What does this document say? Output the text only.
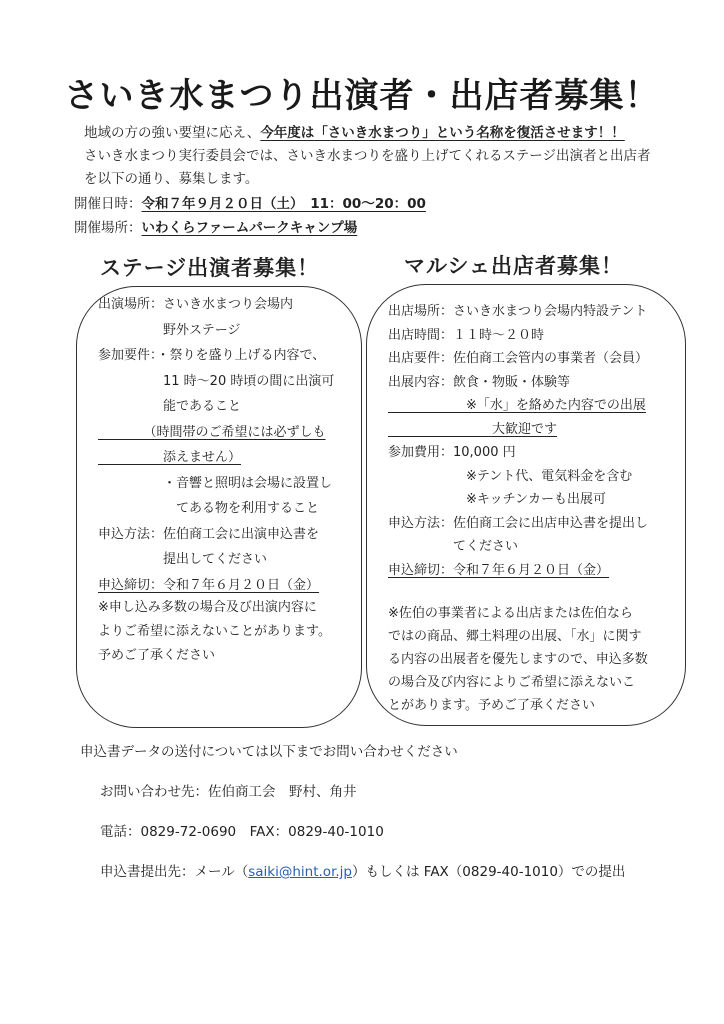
さいき水まつり出演者・出店者募集！
地域の方の強い要望に応え、今年度は「さいき水まつり」という名称を復活させます！！
さいき水まつり実行委員会では、さいき水まつりを盛り上げてくれるステージ出演者と出店者
を以下の通り、募集します。
開催日時：令和７年９月２０日（土）　11：00～20：00
開催場所：いわくらファームパークキャンプ場
ステージ出演者募集！	マルシェ出店者募集！
出演場所：さいき水まつり会場内
　　　　　野外ステージ
参加要件：・祭りを盛り上げる内容で、
　　　　　11 時～20 時頃の間に出演可
　　　　　能であること
　　　　（時間帯のご希望には必ずしも
　　　　　添えません）
　　　　　・音響と照明は会場に設置し
　　　　　　てある物を利用すること
申込方法：佐伯商工会に出演申込書を
　　　　　提出してください
申込締切：令和７年６月２０日（金）
※申し込み多数の場合及び出演内容に
よりご希望に添えないことがあります。
予めご了承ください
出店場所：さいき水まつり会場内特設テント
出店時間：１１時～２０時
出店要件：佐伯商工会管内の事業者（会員）
出展内容：飲食・物販・体験等
　　　　　　※「水」を絡めた内容での出展
　　　　　　　　大歓迎です
参加費用：10,000 円
　　　　　　※テント代、電気料金を含む
　　　　　　※キッチンカーも出展可
申込方法：佐伯商工会に出店申込書を提出し
　　　　　てください
申込締切：令和７年６月２０日（金）
※佐伯の事業者による出店または佐伯なら
ではの商品、郷土料理の出展、「水」に関す
る内容の出展者を優先しますので、申込多数
の場合及び内容によりご希望に添えないこ
とがあります。予めご了承ください
申込書データの送付については以下までお問い合わせください
お問い合わせ先：佐伯商工会　野村、角井
電話：0829-72-0690　FAX：0829-40-1010
申込書提出先：メール（saiki@hint.or.jp）もしくは FAX（0829-40-1010）での提出
